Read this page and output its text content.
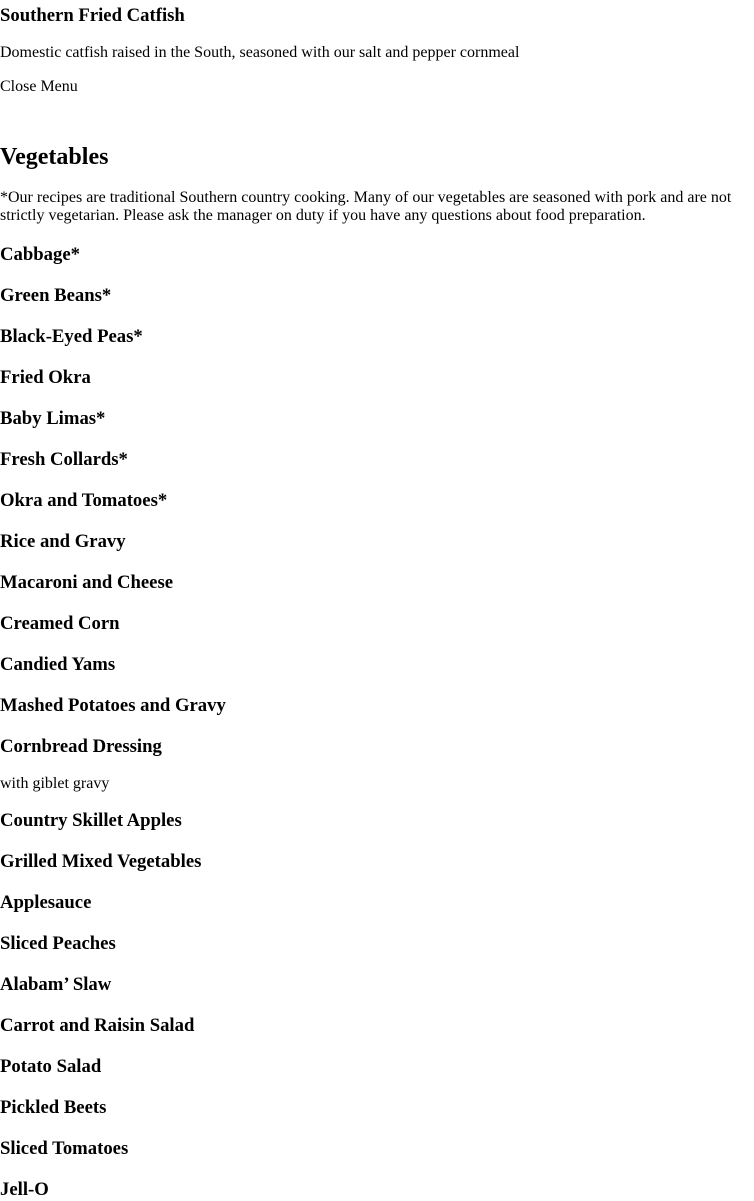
Southern Fried Catfish

Domestic catfish raised in the South, seasoned with our salt and pepper cornmeal

Close Menu

Vegetables

*Our recipes are traditional Southern country cooking. Many of our vegetables are seasoned with pork and are not strictly vegetarian. Please ask the manager on duty if you have any questions about food preparation.

Cabbage*
Green Beans*
Black-Eyed Peas*
Fried Okra
Baby Limas*
Fresh Collards*
Okra and Tomatoes*
Rice and Gravy
Macaroni and Cheese
Creamed Corn
Candied Yams
Mashed Potatoes and Gravy
Cornbread Dressing

with giblet gravy

Country Skillet Apples
Grilled Mixed Vegetables
Applesauce
Sliced Peaches
Alabam’ Slaw
Carrot and Raisin Salad
Potato Salad
Pickled Beets
Sliced Tomatoes
Jell-O
